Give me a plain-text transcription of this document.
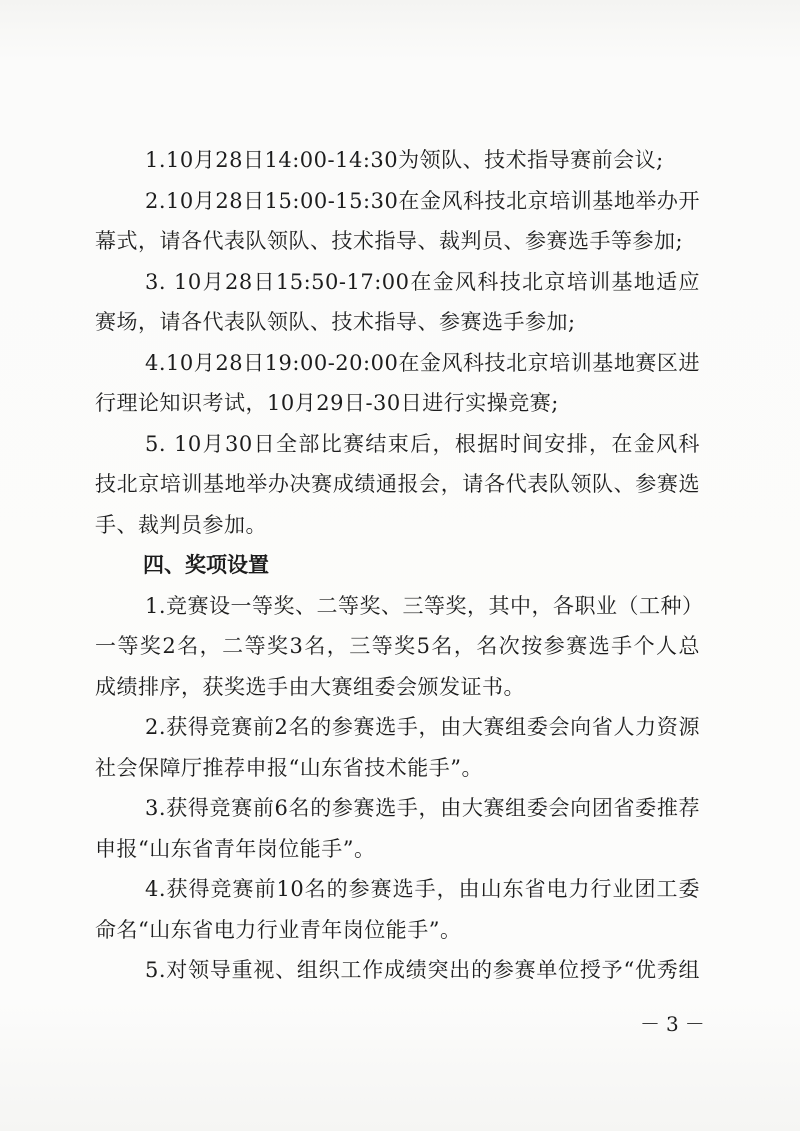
1.10月28日14:00-14:30为领队、技术指导赛前会议;
2.10月28日15:00-15:30在金风科技北京培训基地举办开
幕式，请各代表队领队、技术指导、裁判员、参赛选手等参加;
3. 10月28日15:50-17:00在金风科技北京培训基地适应
赛场，请各代表队领队、技术指导、参赛选手参加;
4.10月28日19:00-20:00在金风科技北京培训基地赛区进
行理论知识考试，10月29日-30日进行实操竞赛;
5. 10月30日全部比赛结束后，根据时间安排，在金风科
技北京培训基地举办决赛成绩通报会，请各代表队领队、参赛选
手、裁判员参加。
四、奖项设置
1.竞赛设一等奖、二等奖、三等奖，其中，各职业（工种）
一等奖2名，二等奖3名，三等奖5名，名次按参赛选手个人总
成绩排序，获奖选手由大赛组委会颁发证书。
2.获得竞赛前2名的参赛选手，由大赛组委会向省人力资源
社会保障厅推荐申报“山东省技术能手”。
3.获得竞赛前6名的参赛选手，由大赛组委会向团省委推荐
申报“山东省青年岗位能手”。
4.获得竞赛前10名的参赛选手，由山东省电力行业团工委
命名“山东省电力行业青年岗位能手”。
5.对领导重视、组织工作成绩突出的参赛单位授予“优秀组
－3－
